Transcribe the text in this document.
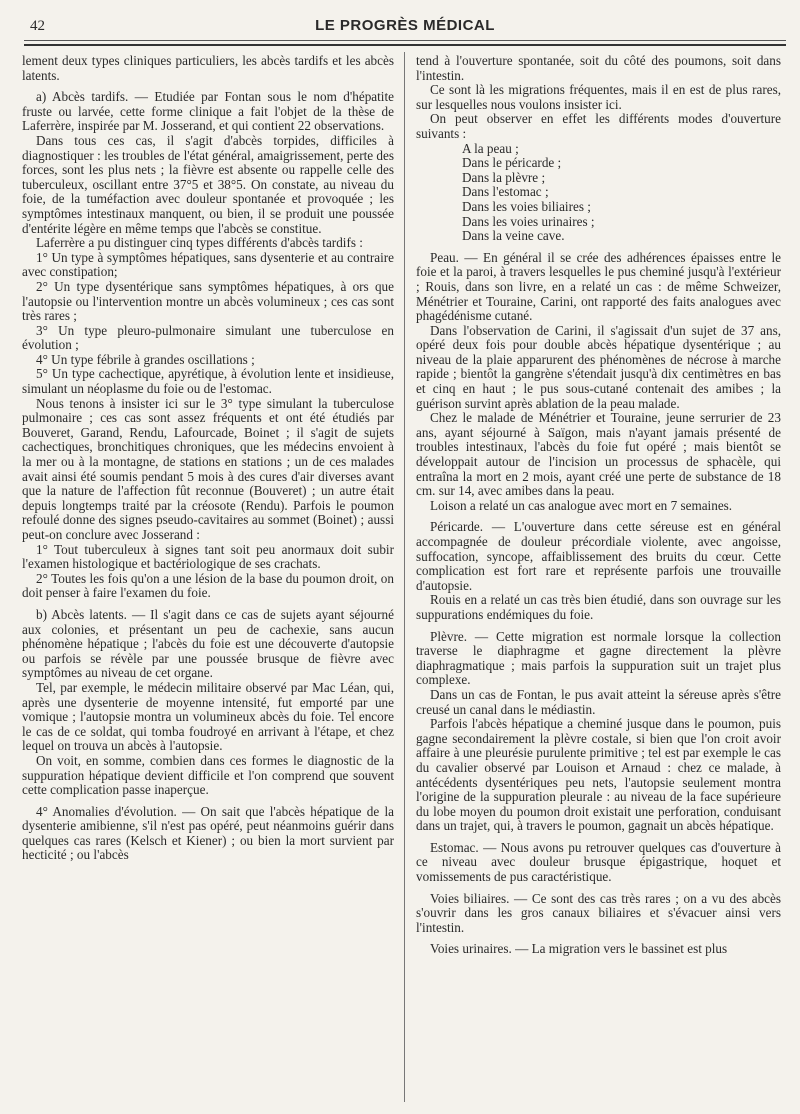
42	LE PROGRÈS MÉDICAL

lement deux types cliniques particuliers, les abcès tardifs et les abcès latents.

a) Abcès tardifs. — Etudiée par Fontan sous le nom d'hépatite fruste ou larvée, cette forme clinique a fait l'objet de la thèse de Laferrère, inspirée par M. Josserand, et qui contient 22 observations.

Dans tous ces cas, il s'agit d'abcès torpides, difficiles à diagnostiquer : les troubles de l'état général, amaigrissement, perte des forces, sont les plus nets ; la fièvre est absente ou rappelle celle des tuberculeux, oscillant entre 37°5 et 38°5. On constate, au niveau du foie, de la tuméfaction avec douleur spontanée et provoquée ; les symptômes intestinaux manquent, ou bien, il se produit une poussée d'entérite légère en même temps que l'abcès se constitue.

Laferrère a pu distinguer cinq types différents d'abcès tardifs :

1° Un type à symptômes hépatiques, sans dysenterie et au contraire avec constipation;

2° Un type dysentérique sans symptômes hépatiques, à ors que l'autopsie ou l'intervention montre un abcès volumineux ; ces cas sont très rares ;

3° Un type pleuro-pulmonaire simulant une tuberculose en évolution ;

4° Un type fébrile à grandes oscillations ;

5° Un type cachectique, apyrétique, à évolution lente et insidieuse, simulant un néoplasme du foie ou de l'estomac.

Nous tenons à insister ici sur le 3° type simulant la tuberculose pulmonaire ; ces cas sont assez fréquents et ont été étudiés par Bouveret, Garand, Rendu, Lafourcade, Boinet ; il s'agit de sujets cachectiques, bronchitiques chroniques, que les médecins envoient à la mer ou à la montagne, de stations en stations ; un de ces malades avait ainsi été soumis pendant 5 mois à des cures d'air diverses avant que la nature de l'affection fût reconnue (Bouveret) ; un autre était depuis longtemps traité par la créosote (Rendu). Parfois le poumon refoulé donne des signes pseudo-cavitaires au sommet (Boinet) ; aussi peut-on conclure avec Josserand :

1° Tout tuberculeux à signes tant soit peu anormaux doit subir l'examen histologique et bactériologique de ses crachats.

2° Toutes les fois qu'on a une lésion de la base du poumon droit, on doit penser à faire l'examen du foie.

b) Abcès latents. — Il s'agit dans ce cas de sujets ayant séjourné aux colonies, et présentant un peu de cachexie, sans aucun phénomène hépatique ; l'abcès du foie est une découverte d'autopsie ou parfois se révèle par une poussée brusque de fièvre avec symptômes au niveau de cet organe.

Tel, par exemple, le médecin militaire observé par Mac Léan, qui, après une dysenterie de moyenne intensité, fut emporté par une vomique ; l'autopsie montra un volumineux abcès du foie. Tel encore le cas de ce soldat, qui tomba foudroyé en arrivant à l'étape, et chez lequel on trouva un abcès à l'autopsie.

On voit, en somme, combien dans ces formes le diagnostic de la suppuration hépatique devient difficile et l'on comprend que souvent cette complication passe inaperçue.

4° Anomalies d'évolution. — On sait que l'abcès hépatique de la dysenterie amibienne, s'il n'est pas opéré, peut néanmoins guérir dans quelques cas rares (Kelsch et Kiener) ; ou bien la mort survient par hecticité ; ou l'abcès

tend à l'ouverture spontanée, soit du côté des poumons, soit dans l'intestin.

Ce sont là les migrations fréquentes, mais il en est de plus rares, sur lesquelles nous voulons insister ici.

On peut observer en effet les différents modes d'ouverture suivants :

A la peau ;
Dans le péricarde ;
Dans la plèvre ;
Dans l'estomac ;
Dans les voies biliaires ;
Dans les voies urinaires ;
Dans la veine cave.

Peau. — En général il se crée des adhérences épaisses entre le foie et la paroi, à travers lesquelles le pus cheminé jusqu'à l'extérieur ; Rouis, dans son livre, en a relaté un cas : de même Schweizer, Ménétrier et Touraine, Carini, ont rapporté des faits analogues avec phagédénisme cutané.

Dans l'observation de Carini, il s'agissait d'un sujet de 37 ans, opéré deux fois pour double abcès hépatique dysentérique ; au niveau de la plaie apparurent des phénomènes de nécrose à marche rapide ; bientôt la gangrène s'étendait jusqu'à dix centimètres en bas et cinq en haut ; le pus sous-cutané contenait des amibes ; la guérison survint après ablation de la peau malade.

Chez le malade de Ménétrier et Touraine, jeune serrurier de 23 ans, ayant séjourné à Saïgon, mais n'ayant jamais présenté de troubles intestinaux, l'abcès du foie fut opéré ; mais bientôt se développait autour de l'incision un processus de sphacèle, qui entraîna la mort en 2 mois, ayant créé une perte de substance de 18 cm. sur 14, avec amibes dans la peau.

Loison a relaté un cas analogue avec mort en 7 semaines.

Péricarde. — L'ouverture dans cette séreuse est en général accompagnée de douleur précordiale violente, avec angoisse, suffocation, syncope, affaiblissement des bruits du cœur. Cette complication est fort rare et représente parfois une trouvaille d'autopsie.

Rouis en a relaté un cas très bien étudié, dans son ouvrage sur les suppurations endémiques du foie.

Plèvre. — Cette migration est normale lorsque la collection traverse le diaphragme et gagne directement la plèvre diaphragmatique ; mais parfois la suppuration suit un trajet plus complexe.

Dans un cas de Fontan, le pus avait atteint la séreuse après s'être creusé un canal dans le médiastin.

Parfois l'abcès hépatique a cheminé jusque dans le poumon, puis gagne secondairement la plèvre costale, si bien que l'on croit avoir affaire à une pleurésie purulente primitive ; tel est par exemple le cas du cavalier observé par Louison et Arnaud : chez ce malade, à antécédents dysentériques peu nets, l'autopsie seulement montra l'origine de la suppuration pleurale : au niveau de la face supérieure du lobe moyen du poumon droit existait une perforation, conduisant dans un trajet, qui, à travers le poumon, gagnait un abcès hépatique.

Estomac. — Nous avons pu retrouver quelques cas d'ouverture à ce niveau avec douleur brusque épigastrique, hoquet et vomissements de pus caractéristique.

Voies biliaires. — Ce sont des cas très rares ; on a vu des abcès s'ouvrir dans les gros canaux biliaires et s'évacuer ainsi vers l'intestin.

Voies urinaires. — La migration vers le bassinet est plus
